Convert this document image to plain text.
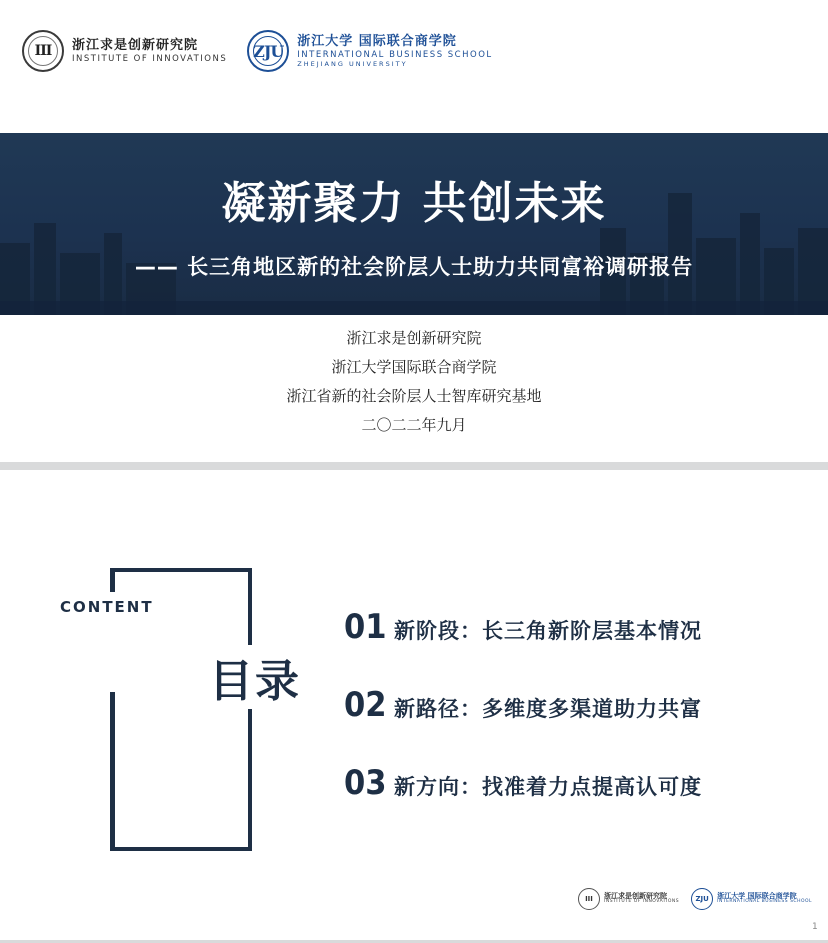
III 浙江求是创新研究院
INSTITUTE OF INNOVATIONS ZJU
浙江大学 国际联合商学院
INTERNATIONAL BUSINESS SCHOOL
ZHEJIANG UNIVERSITY
凝新聚力 共创未来
—— 长三角地区新的社会阶层人士助力共同富裕调研报告
浙江求是创新研究院
浙江大学国际联合商学院
浙江省新的社会阶层人士智库研究基地
二〇二二年九月
CONTENT
目录
01 新阶段：长三角新阶层基本情况
02 新路径：多维度多渠道助力共富
03 新方向：找准着力点提高认可度
III 浙江求是创新研究院
INSTITUTE OF INNOVATIONS ZJU 浙江大学 国际联合商学院
INTERNATIONAL BUSINESS SCHOOL
1
